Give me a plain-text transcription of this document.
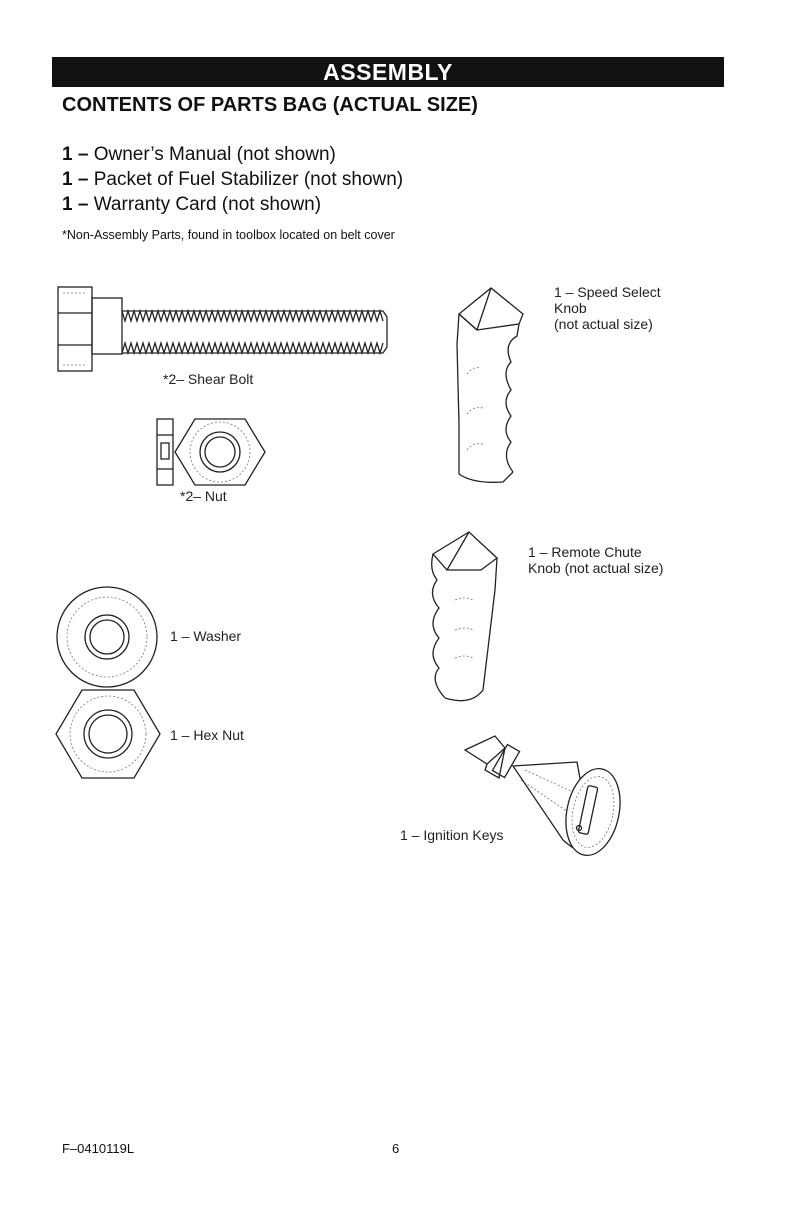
ASSEMBLY
CONTENTS OF PARTS BAG (ACTUAL SIZE)
1 – Owner’s Manual (not shown)
1 – Packet of Fuel Stabilizer (not shown)
1 – Warranty Card (not shown)
*Non-Assembly Parts, found in toolbox located on belt cover
*2– Shear Bolt
*2– Nut
1 – Washer
1 – Hex Nut
1 – Speed Select
Knob
(not actual size)
1 – Remote Chute
Knob (not actual size)
1 – Ignition Keys
F–0410119L	6
